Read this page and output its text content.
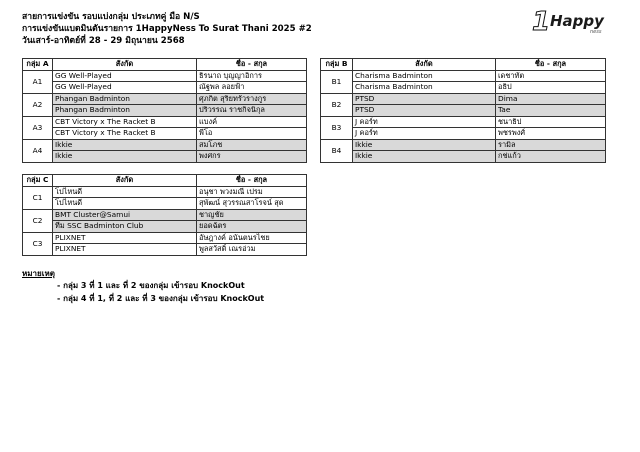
สายการแข่งขัน รอบแบ่งกลุ่ม ประเภทคู่ มือ N/S
การแข่งขันแบดมินตันรายการ 1HappyNess To Surat Thani 2025 #2
วันเสาร์-อาทิตย์ที่ 28 - 29 มิถุนายน 2568
1 Happy
ness
กลุ่ม A	สังกัด	ชื่อ - สกุล
A1	GG Well-Played	ธิรนาถ บุญญาอิการ
	GG Well-Played	ณัฐพล ลอยฟ้า
A2	Phangan Badminton	ศุภกิต สุริยทรัวรางกูร
	Phangan Badminton	ปริวรรณ ราชกิจนิกุล
A3	CBT Victory x The Racket B	แบงค์
	CBT Victory x The Racket B	พีโอ
A4	Ikkie	สมโภช
	Ikkie	พงศกร
กลุ่ม B	สังกัด	ชื่อ - สกุล
B1	Charisma Badminton	เดชาทัต
	Charisma Badminton	อธิป
B2	PTSD	Dima
	PTSD	Tae
B3	J คอร์ท	ชนาธิป
	J คอร์ท	พชรพงศ์
B4	Ikkie	รามิล
	Ikkie	กช่แก้ว
กลุ่ม C	สังกัด	ชื่อ - สกุล
C1	โปไหนดี	อนุชา พวงมณี เปรม
	โปไหนดี	สุพัฒน์ สุวรรณสาโรจน์ สุด
C2	BMT Cluster@Samui	ชาญชัย
	ทีม SSC Badminton Club	ยอดฉัตร
C3	PLIXNET	อัษฎางค์ อนันตนรไชย
	PLIXNET	พูลสวัสดิ์ เณรอ่วม
หมายเหตุ
- กลุ่ม 3 ที่ 1 และ ที่ 2 ของกลุ่ม เข้ารอบ KnockOut
- กลุ่ม 4 ที่ 1, ที่ 2 และ ที่ 3 ของกลุ่ม เข้ารอบ KnockOut
